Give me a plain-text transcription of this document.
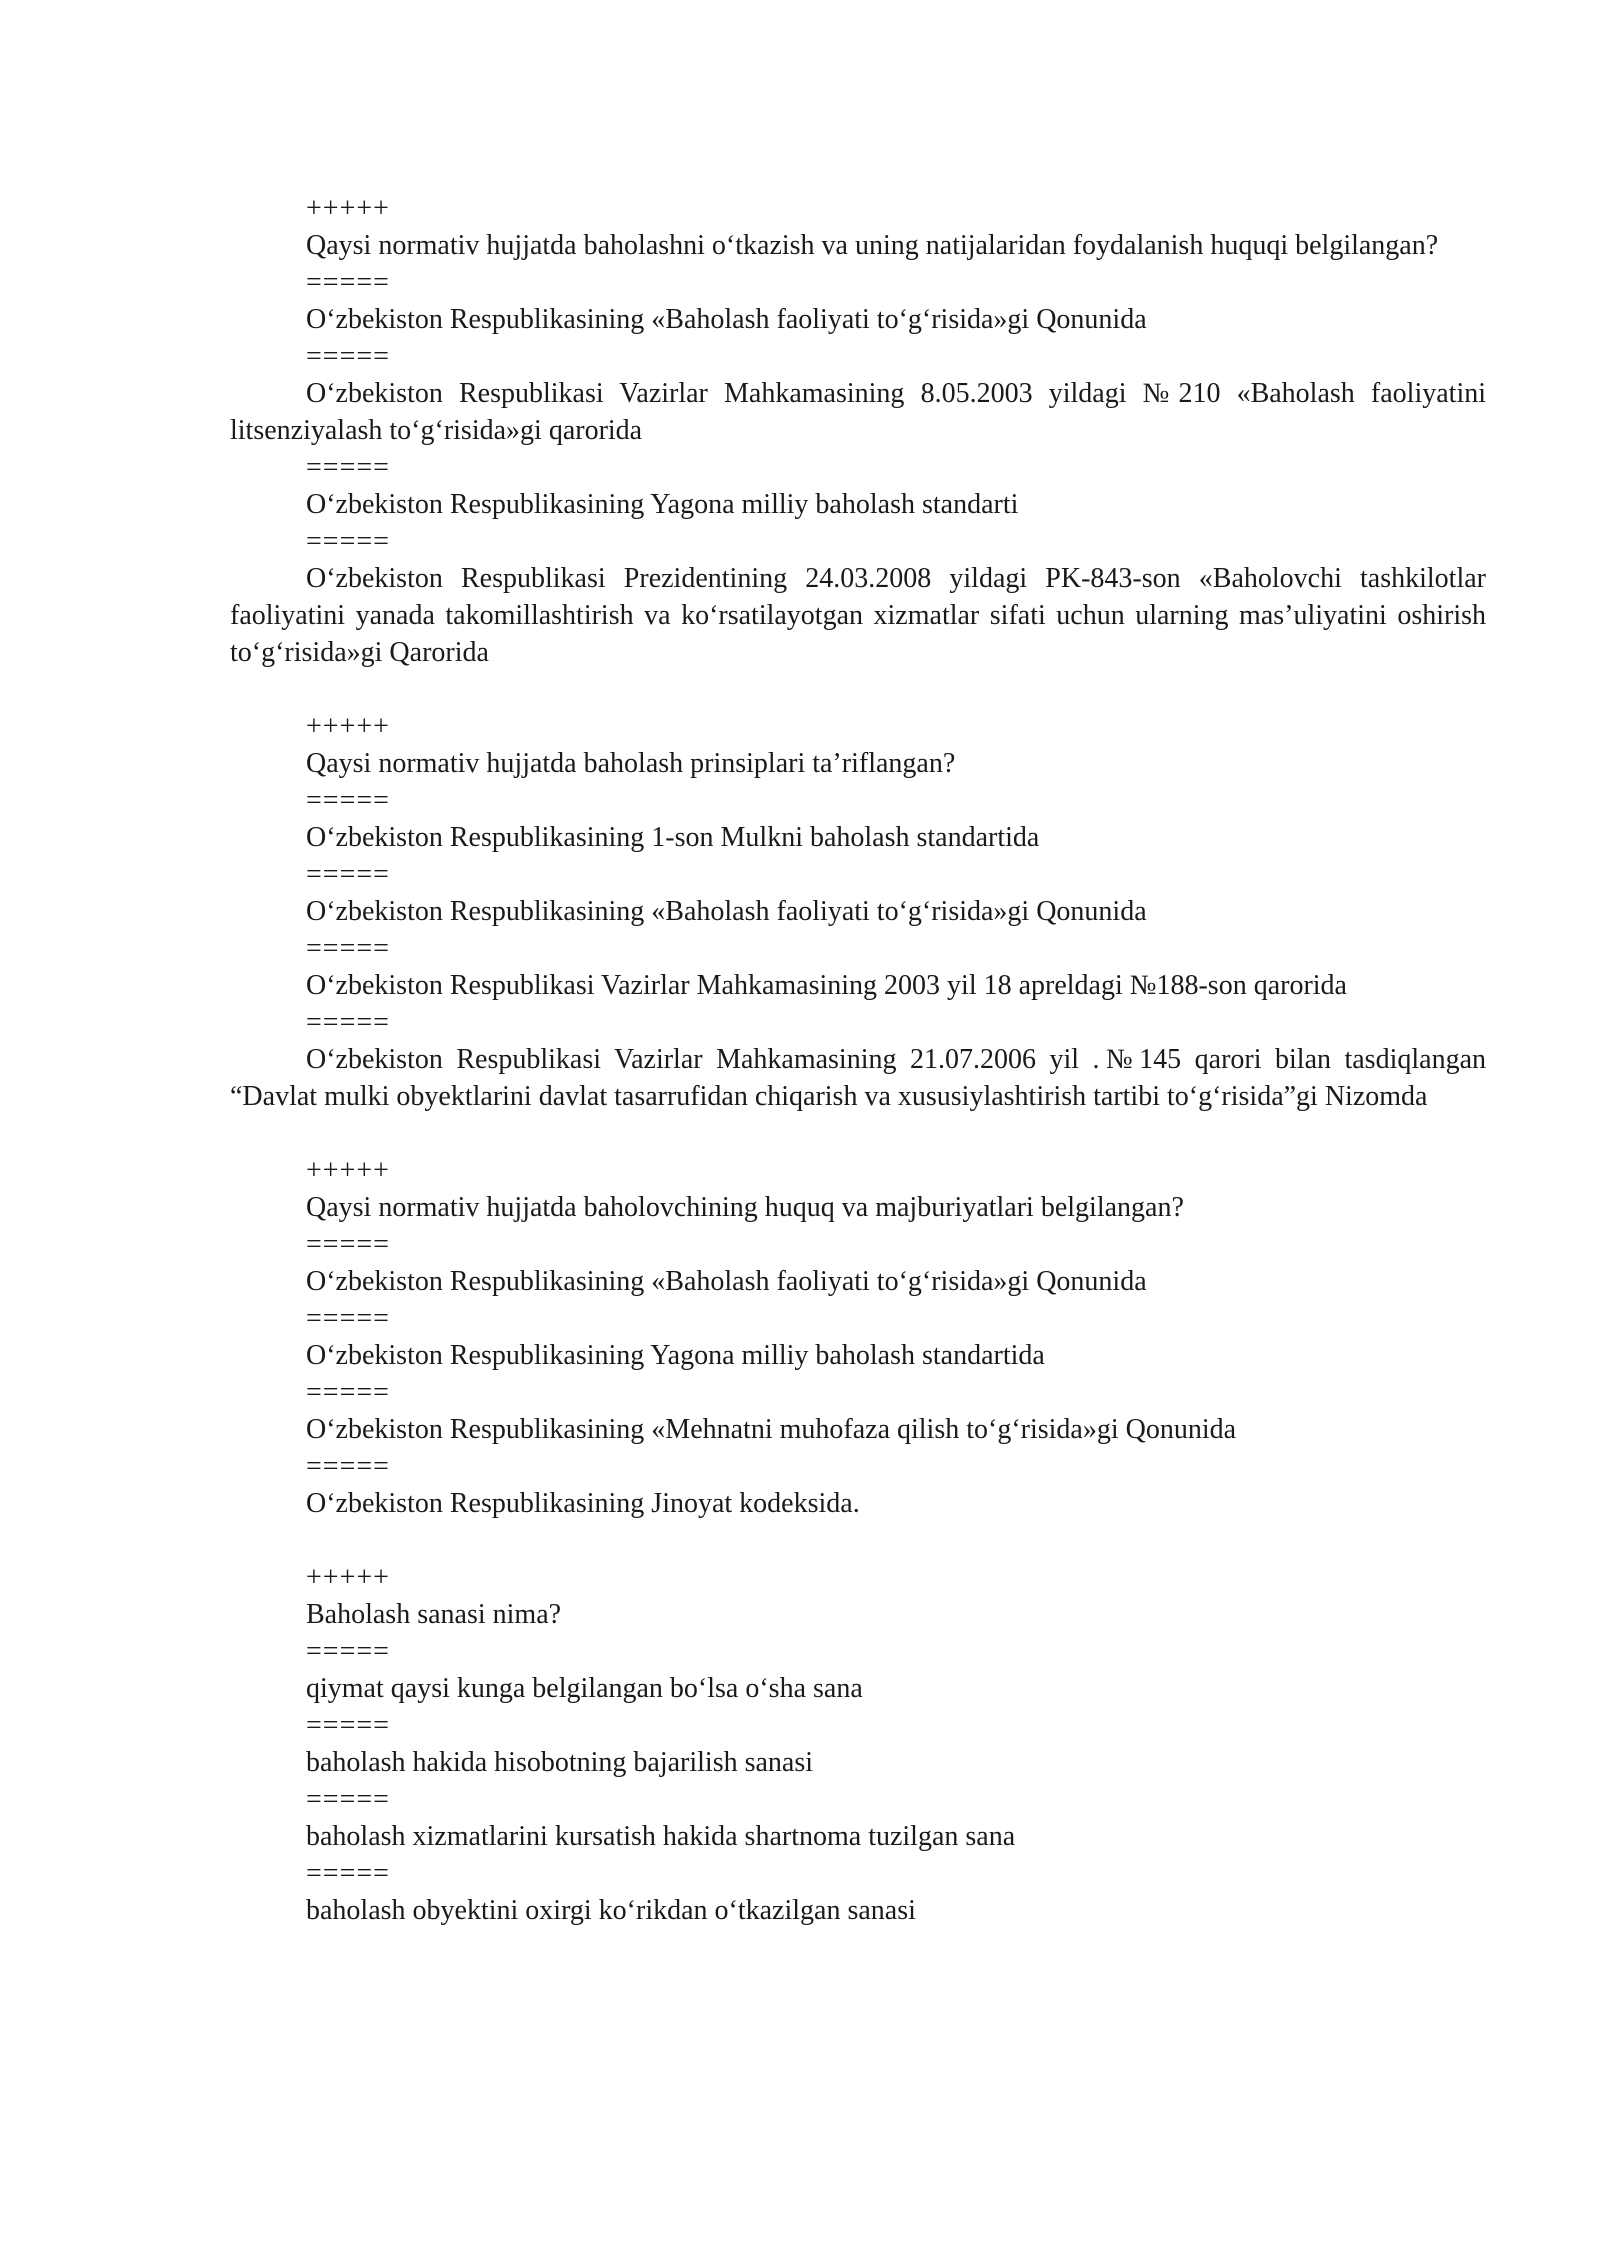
+++++

Qaysi normativ hujjatda baholashni o‘tkazish va uning natijalaridan foydalanish huquqi belgilangan?

=====

O‘zbekiston Respublikasining «Baholash faoliyati to‘g‘risida»gi Qonunida

=====

O‘zbekiston Respublikasi Vazirlar Mahkamasining 8.05.2003 yildagi №210 «Baholash faoliyatini litsenziyalash to‘g‘risida»gi qarorida

=====

O‘zbekiston Respublikasining Yagona milliy baholash standarti

=====

O‘zbekiston Respublikasi Prezidentining 24.03.2008 yildagi PK-843-son «Baholovchi tashkilotlar faoliyatini yanada takomillashtirish va ko‘rsatilayotgan xizmatlar sifati uchun ularning mas’uliyatini oshirish to‘g‘risida»gi Qarorida

+++++

Qaysi normativ hujjatda baholash prinsiplari ta’riflangan?

=====

O‘zbekiston Respublikasining 1-son Mulkni baholash standartida

=====

O‘zbekiston Respublikasining «Baholash faoliyati to‘g‘risida»gi Qonunida

=====

O‘zbekiston Respublikasi Vazirlar Mahkamasining 2003 yil 18 apreldagi №188-son qarorida

=====

O‘zbekiston Respublikasi Vazirlar Mahkamasining 21.07.2006 yil .№145 qarori bilan tasdiqlangan “Davlat mulki obyektlarini davlat tasarrufidan chiqarish va xususiylashtirish tartibi to‘g‘risida”gi Nizomda

+++++

Qaysi normativ hujjatda baholovchining huquq va majburiyatlari belgilangan?

=====

O‘zbekiston Respublikasining «Baholash faoliyati to‘g‘risida»gi Qonunida

=====

O‘zbekiston Respublikasining Yagona milliy baholash standartida

=====

O‘zbekiston Respublikasining «Mehnatni muhofaza qilish to‘g‘risida»gi Qonunida

=====

O‘zbekiston Respublikasining Jinoyat kodeksida.

+++++

Baholash sanasi nima?

=====

qiymat qaysi kunga belgilangan bo‘lsa o‘sha sana

=====

baholash hakida hisobotning bajarilish sanasi

=====

baholash xizmatlarini kursatish hakida shartnoma tuzilgan sana

=====

baholash obyektini oxirgi ko‘rikdan o‘tkazilgan sanasi
